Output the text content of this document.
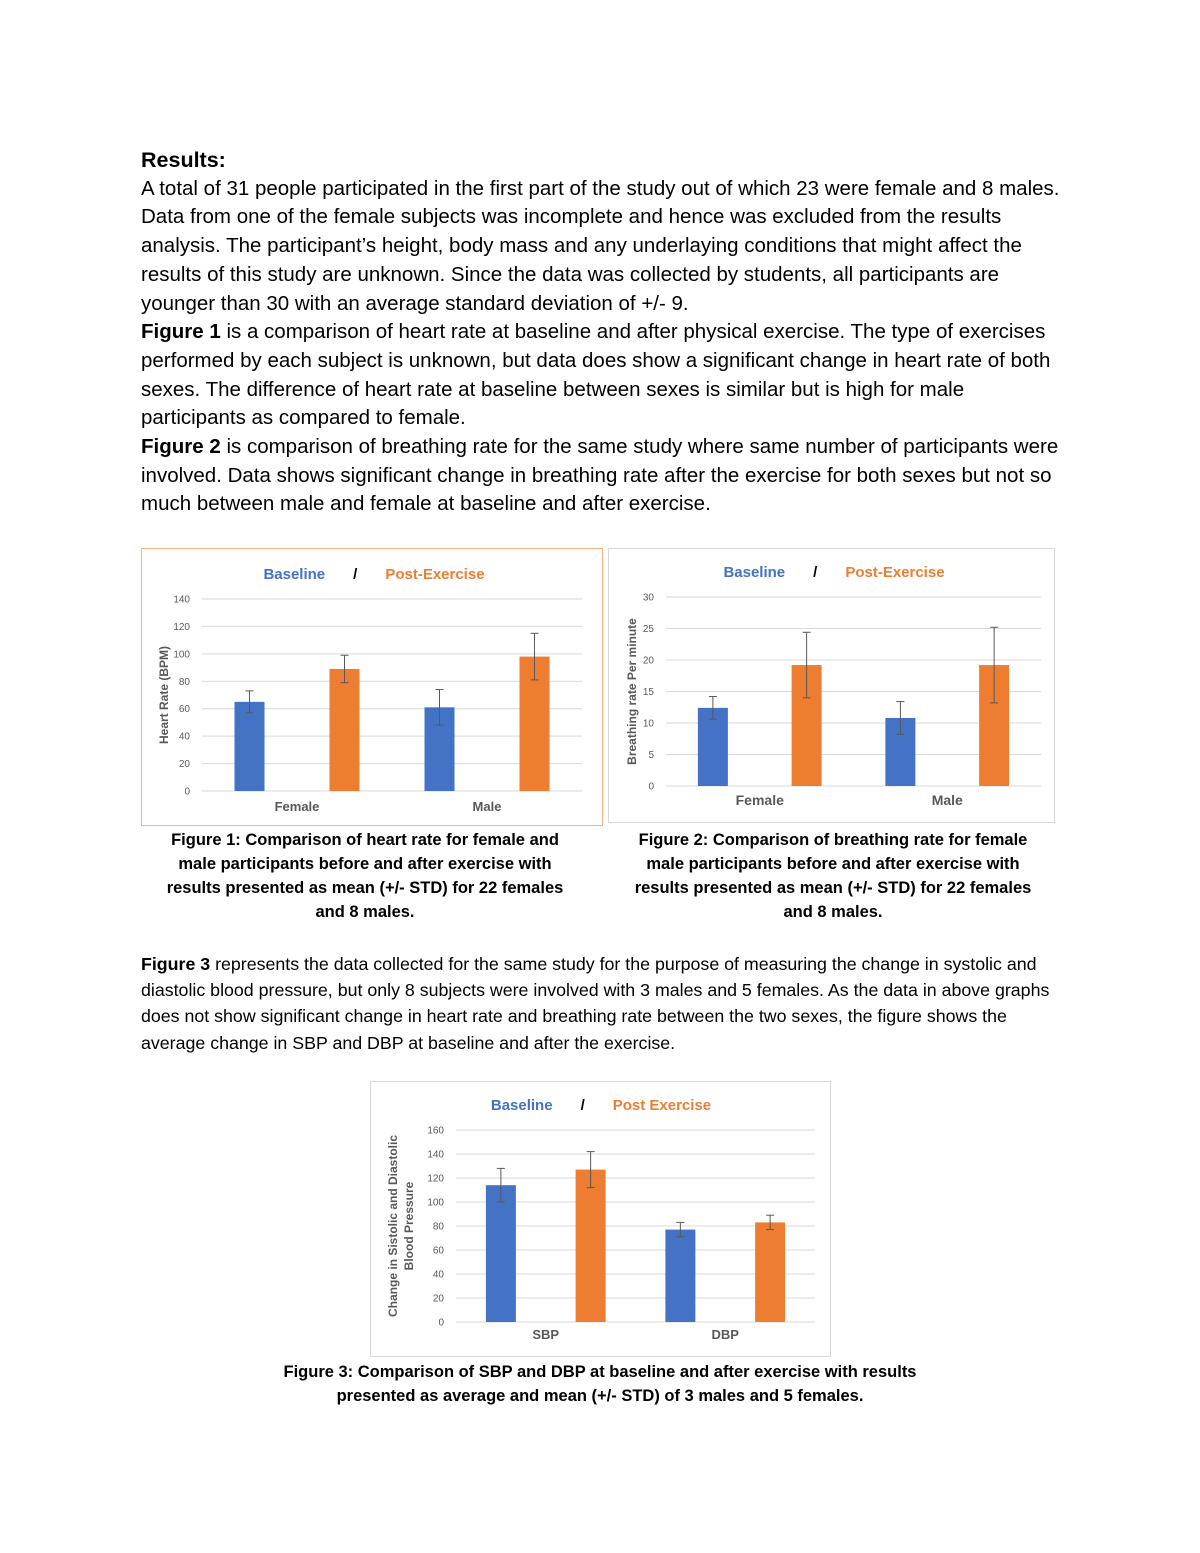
Results:

A total of 31 people participated in the first part of the study out of which 23 were female and 8 males. Data from one of the female subjects was incomplete and hence was excluded from the results analysis. The participant’s height, body mass and any underlaying conditions that might affect the results of this study are unknown. Since the data was collected by students, all participants are younger than 30 with an average standard deviation of +/- 9.

Figure 1 is a comparison of heart rate at baseline and after physical exercise. The type of exercises performed by each subject is unknown, but data does show a significant change in heart rate of both sexes. The difference of heart rate at baseline between sexes is similar but is high for male participants as compared to female.

Figure 2 is comparison of breathing rate for the same study where same number of participants were involved. Data shows significant change in breathing rate after the exercise for both sexes but not so much between male and female at baseline and after exercise.

Baseline / Post-Exercise
0
20
40
60
80
100
120
140
Heart Rate (BPM)
Female	Male
Figure 1: Comparison of heart rate for female and male participants before and after exercise with results presented as mean (+/- STD) for 22 females and 8 males.
Baseline / Post-Exercise
0
5
10
15
20
25
30
Breathing rate Per minute
Female	Male
Figure 2: Comparison of breathing rate for female male participants before and after exercise with results presented as mean (+/- STD) for 22 females and 8 males.
Figure 3 represents the data collected for the same study for the purpose of measuring the change in systolic and diastolic blood pressure, but only 8 subjects were involved with 3 males and 5 females. As the data in above graphs does not show significant change in heart rate and breathing rate between the two sexes, the figure shows the average change in SBP and DBP at baseline and after the exercise.
Baseline / Post Exercise
0
20
40
60
80
100
120
140
160
Change in Sistolic and Diastolic Blood Pressure
SBP	DBP
Figure 3: Comparison of SBP and DBP at baseline and after exercise with results presented as average and mean (+/- STD) of 3 males and 5 females.
